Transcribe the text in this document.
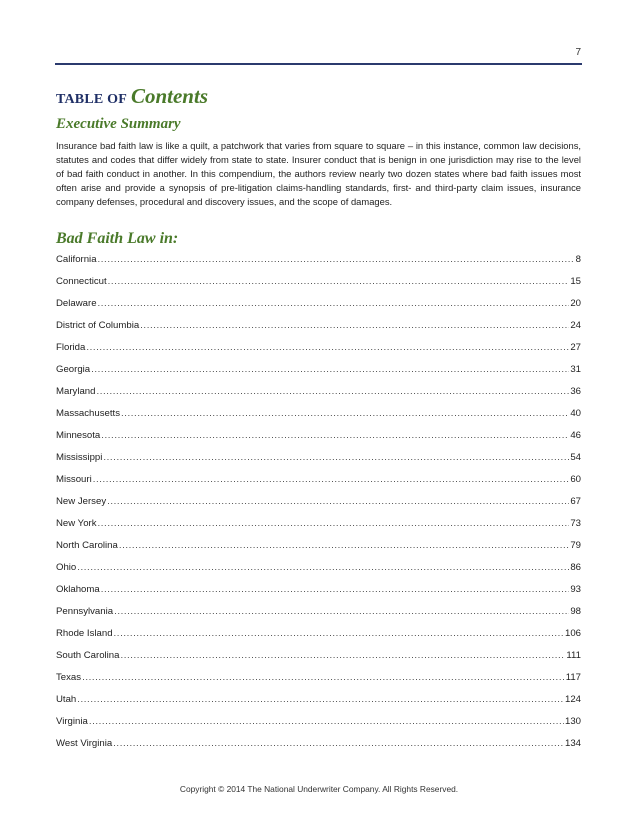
7
TABLE OF Contents
Executive Summary

Insurance bad faith law is like a quilt, a patchwork that varies from square to square – in this instance, common law decisions, statutes and codes that differ widely from state to state. Insurer conduct that is benign in one jurisdiction may rise to the level of bad faith conduct in another. In this compendium, the authors review nearly two dozen states where bad faith issues most often arise and provide a synopsis of pre-litigation claims-handling standards, first- and third-party claim issues, insurance company defenses, procedural and discovery issues, and the scope of damages.

Bad Faith Law in:
California .....	8
Connecticut .....	15
Delaware .....	20
District of Columbia .....	24
Florida .....	27
Georgia .....	31
Maryland .....	36
Massachusetts .....	40
Minnesota .....	46
Mississippi .....	54
Missouri .....	60
New Jersey .....	67
New York .....	73
North Carolina .....	79
Ohio .....	86
Oklahoma .....	93
Pennsylvania .....	98
Rhode Island .....	106
South Carolina .....	111
Texas .....	117
Utah .....	124
Virginia .....	130
West Virginia .....	134
Copyright © 2014 The National Underwriter Company. All Rights Reserved.
